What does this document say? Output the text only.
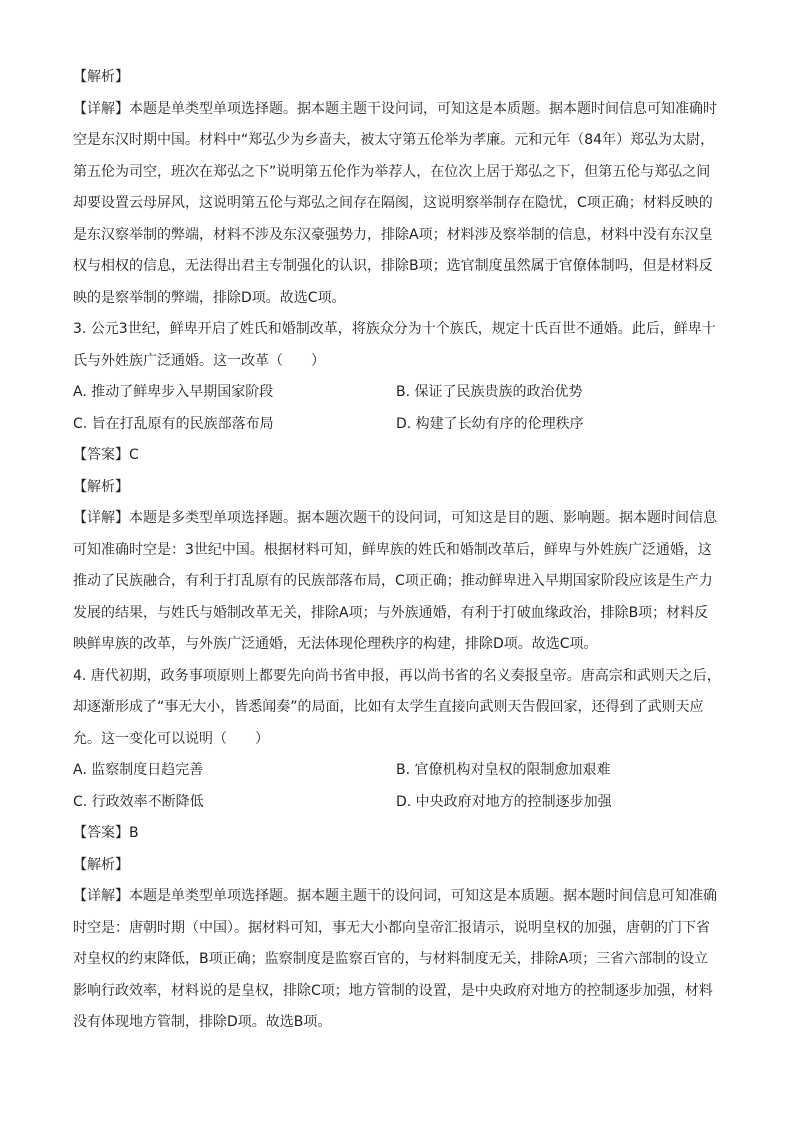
【解析】
【详解】本题是单类型单项选择题。据本题主题干设问词，可知这是本质题。据本题时间信息可知准确时
空是东汉时期中国。材料中“郑弘少为乡啬夫，被太守第五伦举为孝廉。元和元年（84年）郑弘为太尉，
第五伦为司空，班次在郑弘之下”说明第五伦作为举荐人，在位次上居于郑弘之下，但第五伦与郑弘之间
却要设置云母屏风，这说明第五伦与郑弘之间存在隔阂，这说明察举制存在隐忧，C项正确；材料反映的
是东汉察举制的弊端，材料不涉及东汉豪强势力，排除A项；材料涉及察举制的信息，材料中没有东汉皇
权与相权的信息，无法得出君主专制强化的认识，排除B项；选官制度虽然属于官僚体制吗，但是材料反
映的是察举制的弊端，排除D项。故选C项。
3. 公元3世纪，鲜卑开启了姓氏和婚制改革，将族众分为十个族氏，规定十氏百世不通婚。此后，鲜卑十
氏与外姓族广泛通婚。这一改革（　　）
A. 推动了鲜卑步入早期国家阶段	B. 保证了民族贵族的政治优势
C. 旨在打乱原有的民族部落布局	D. 构建了长幼有序的伦理秩序
【答案】C
【解析】
【详解】本题是多类型单项选择题。据本题次题干的设问词，可知这是目的题、影响题。据本题时间信息
可知准确时空是：3世纪中国。根据材料可知，鲜卑族的姓氏和婚制改革后，鲜卑与外姓族广泛通婚，这
推动了民族融合，有利于打乱原有的民族部落布局，C项正确；推动鲜卑进入早期国家阶段应该是生产力
发展的结果，与姓氏与婚制改革无关，排除A项；与外族通婚，有利于打破血缘政治，排除B项；材料反
映鲜卑族的改革，与外族广泛通婚，无法体现伦理秩序的构建，排除D项。故选C项。
4. 唐代初期，政务事项原则上都要先向尚书省申报，再以尚书省的名义奏报皇帝。唐高宗和武则天之后，
却逐渐形成了“事无大小，皆悉闻奏”的局面，比如有太学生直接向武则天告假回家，还得到了武则天应
允。这一变化可以说明（　　）
A. 监察制度日趋完善	B. 官僚机构对皇权的限制愈加艰难
C. 行政效率不断降低	D. 中央政府对地方的控制逐步加强
【答案】B
【解析】
【详解】本题是单类型单项选择题。据本题主题干的设问词，可知这是本质题。据本题时间信息可知准确
时空是：唐朝时期（中国）。据材料可知，事无大小都向皇帝汇报请示，说明皇权的加强，唐朝的门下省
对皇权的约束降低，B项正确；监察制度是监察百官的，与材料制度无关，排除A项；三省六部制的设立
影响行政效率，材料说的是皇权，排除C项；地方管制的设置，是中央政府对地方的控制逐步加强，材料
没有体现地方管制，排除D项。故选B项。
